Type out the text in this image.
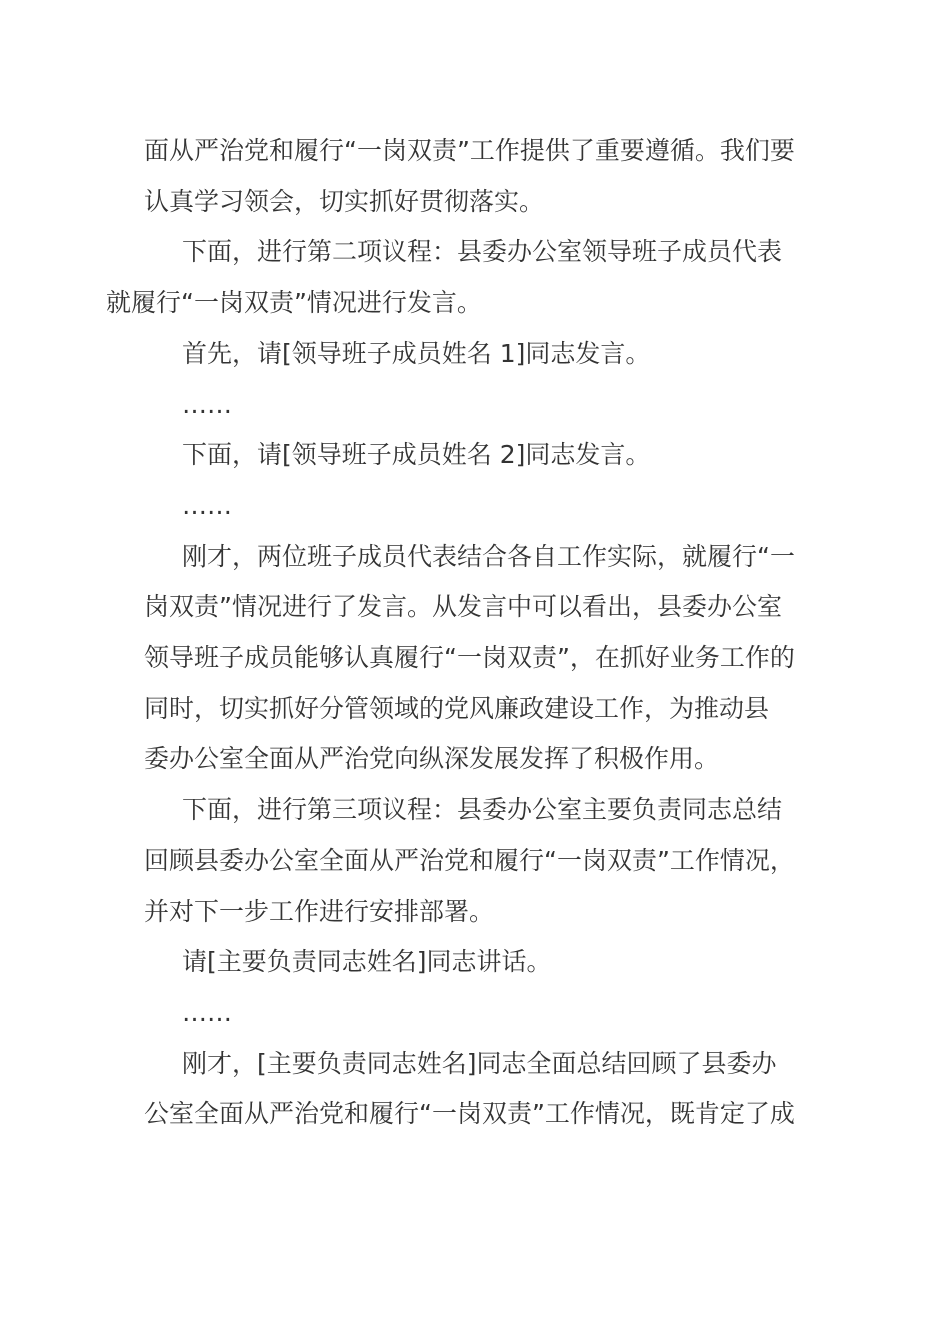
面从严治党和履行“一岗双责”工作提供了重要遵循。我们要
认真学习领会，切实抓好贯彻落实。

下面，进行第二项议程：县委办公室领导班子成员代表
就履行“一岗双责”情况进行发言。

首先，请[领导班子成员姓名 1]同志发言。

……

下面，请[领导班子成员姓名 2]同志发言。

……

刚才，两位班子成员代表结合各自工作实际，就履行“一
岗双责”情况进行了发言。从发言中可以看出，县委办公室
领导班子成员能够认真履行“一岗双责”，在抓好业务工作的
同时，切实抓好分管领域的党风廉政建设工作，为推动县
委办公室全面从严治党向纵深发展发挥了积极作用。

下面，进行第三项议程：县委办公室主要负责同志总结
回顾县委办公室全面从严治党和履行“一岗双责”工作情况，
并对下一步工作进行安排部署。

请[主要负责同志姓名]同志讲话。

……

刚才，[主要负责同志姓名]同志全面总结回顾了县委办
公室全面从严治党和履行“一岗双责”工作情况，既肯定了成
